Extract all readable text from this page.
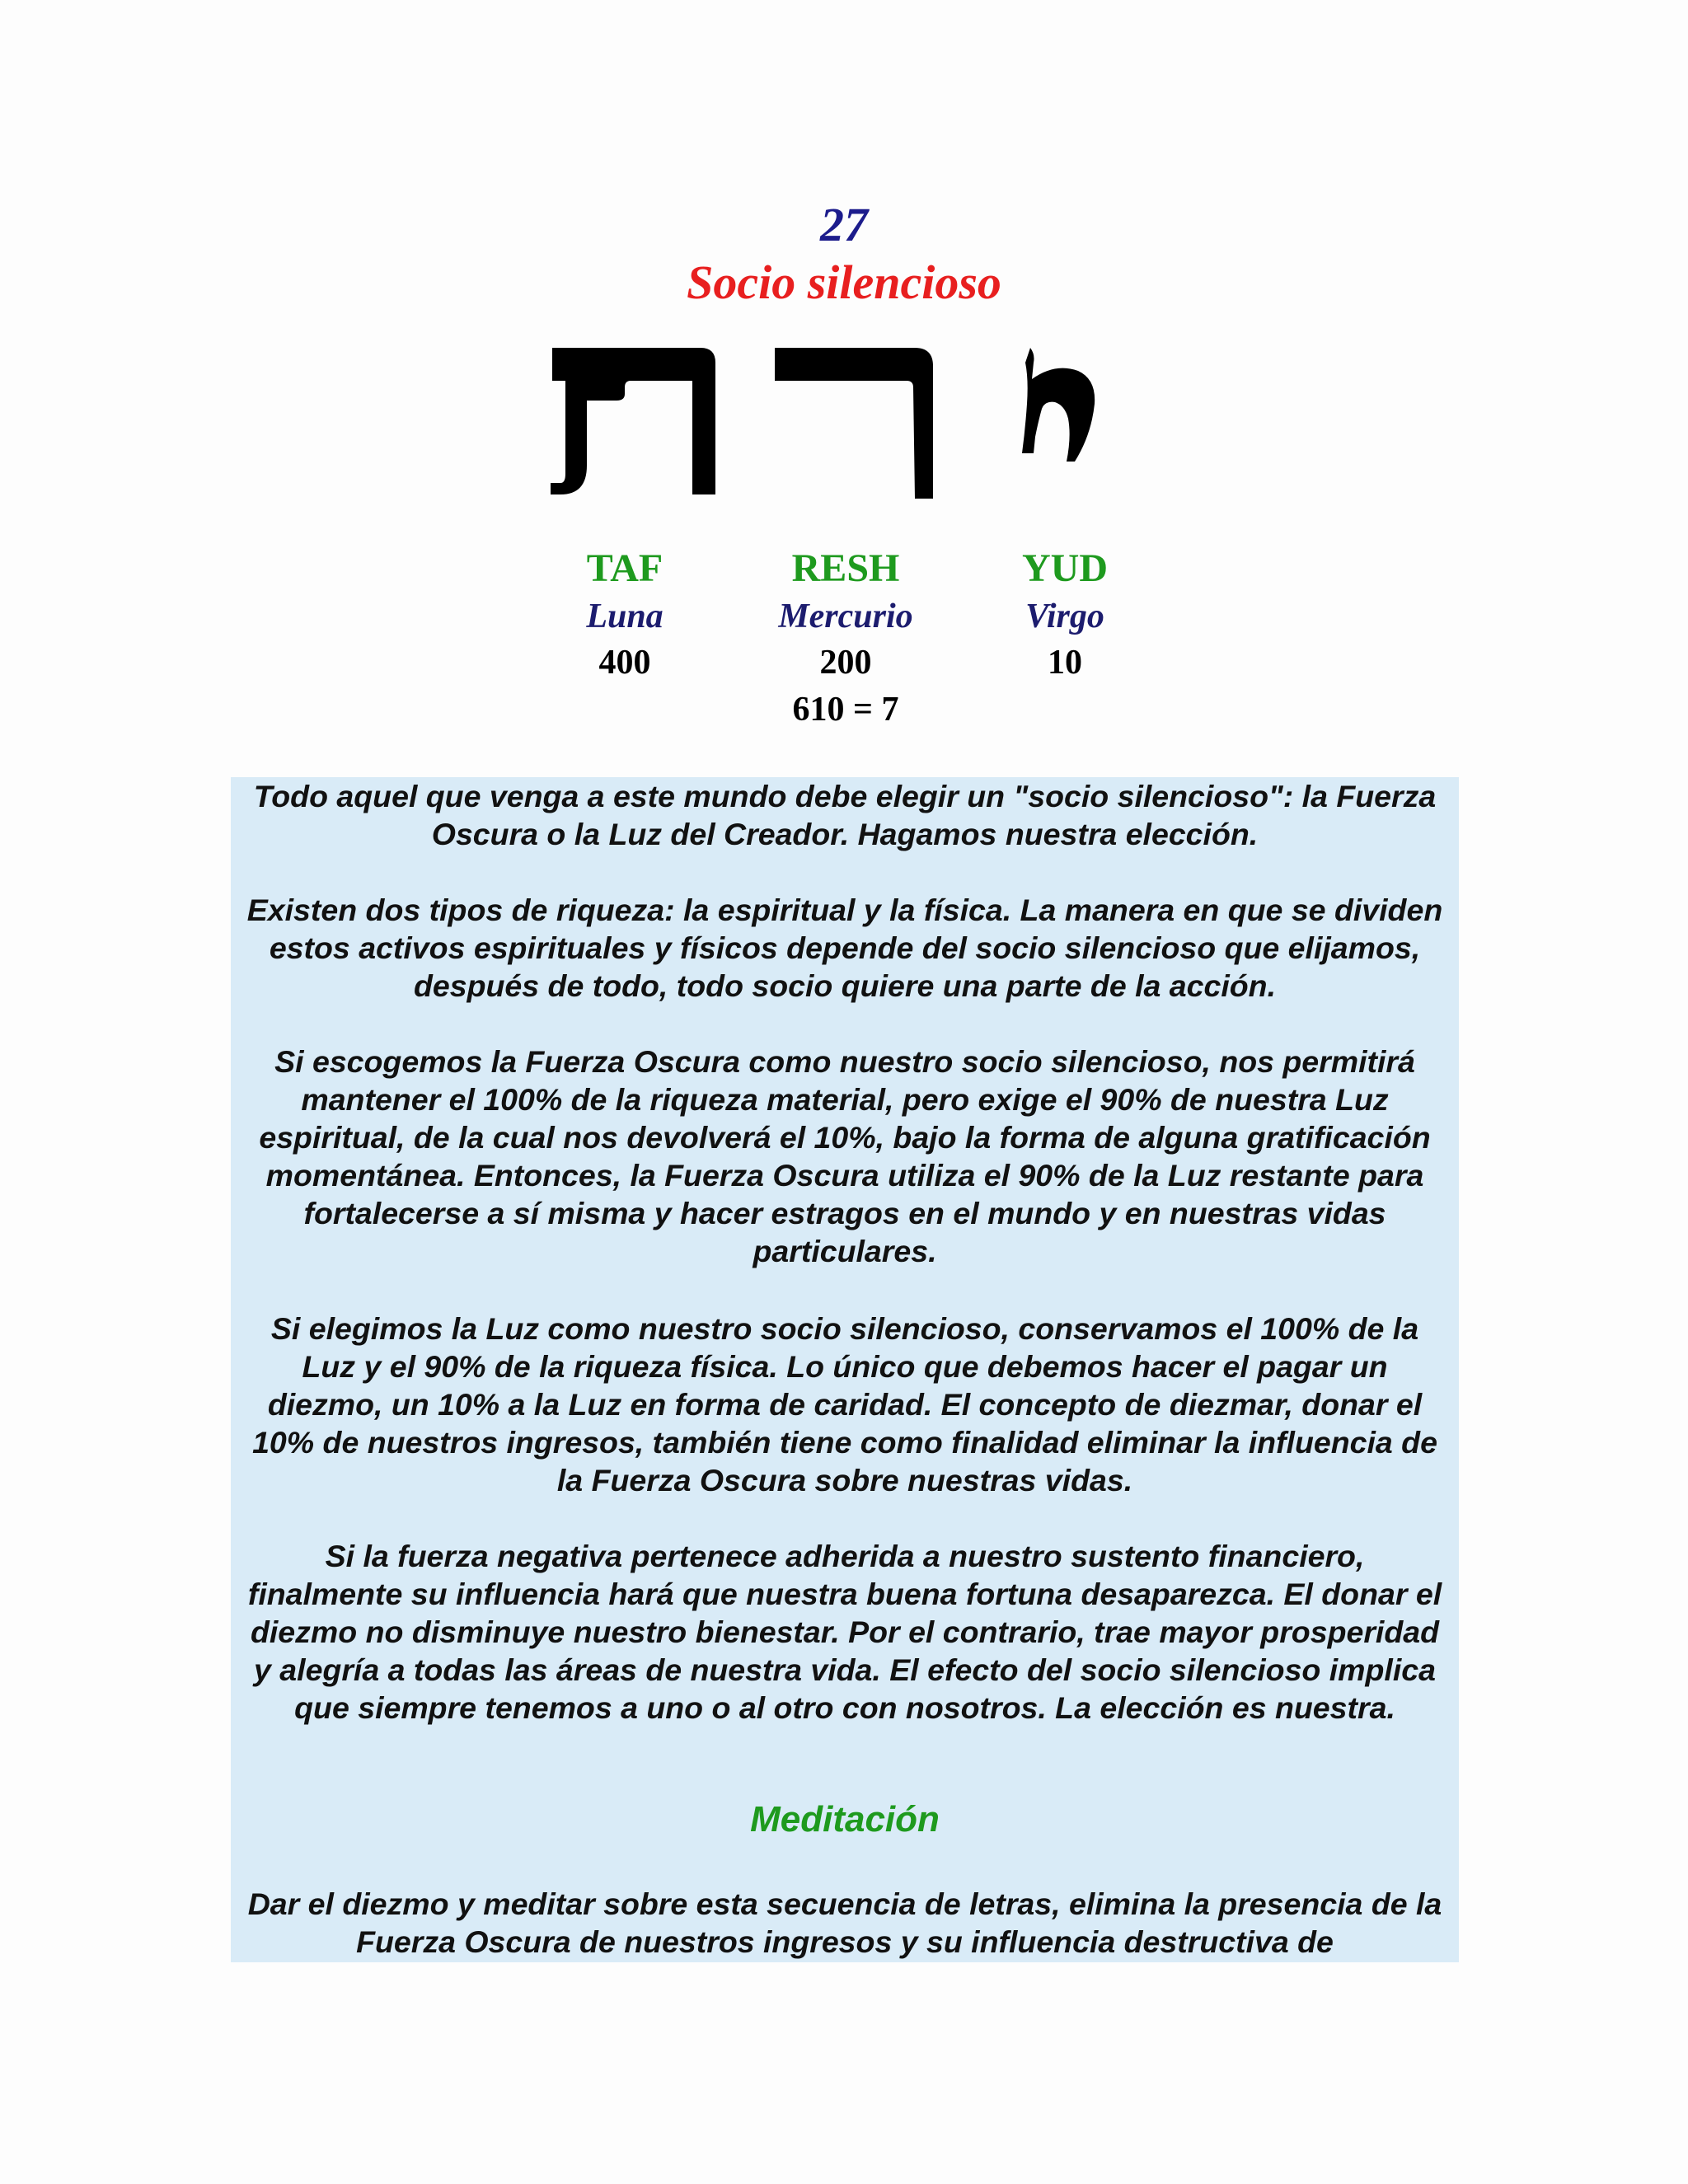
27
Socio silencioso
TAF
Luna
400
RESH
Mercurio
200
YUD
Virgo
10
610 = 7

Todo aquel que venga a este mundo debe elegir un "socio silencioso": la Fuerza Oscura o la Luz del Creador. Hagamos nuestra elección.

Existen dos tipos de riqueza: la espiritual y la física. La manera en que se dividen estos activos espirituales y físicos depende del socio silencioso que elijamos, después de todo, todo socio quiere una parte de la acción.

Si escogemos la Fuerza Oscura como nuestro socio silencioso, nos permitirá mantener el 100% de la riqueza material, pero exige el 90% de nuestra Luz espiritual, de la cual nos devolverá el 10%, bajo la forma de alguna gratificación momentánea. Entonces, la Fuerza Oscura utiliza el 90% de la Luz restante para fortalecerse a sí misma y hacer estragos en el mundo y en nuestras vidas particulares.

Si elegimos la Luz como nuestro socio silencioso, conservamos el 100% de la Luz y el 90% de la riqueza física. Lo único que debemos hacer el pagar un diezmo, un 10% a la Luz en forma de caridad. El concepto de diezmar, donar el 10% de nuestros ingresos, también tiene como finalidad eliminar la influencia de la Fuerza Oscura sobre nuestras vidas.

Si la fuerza negativa pertenece adherida a nuestro sustento financiero, finalmente su influencia hará que nuestra buena fortuna desaparezca. El donar el diezmo no disminuye nuestro bienestar. Por el contrario, trae mayor prosperidad y alegría a todas las áreas de nuestra vida. El efecto del socio silencioso implica que siempre tenemos a uno o al otro con nosotros. La elección es nuestra.

Meditación

Dar el diezmo y meditar sobre esta secuencia de letras, elimina la presencia de la Fuerza Oscura de nuestros ingresos y su influencia destructiva de
